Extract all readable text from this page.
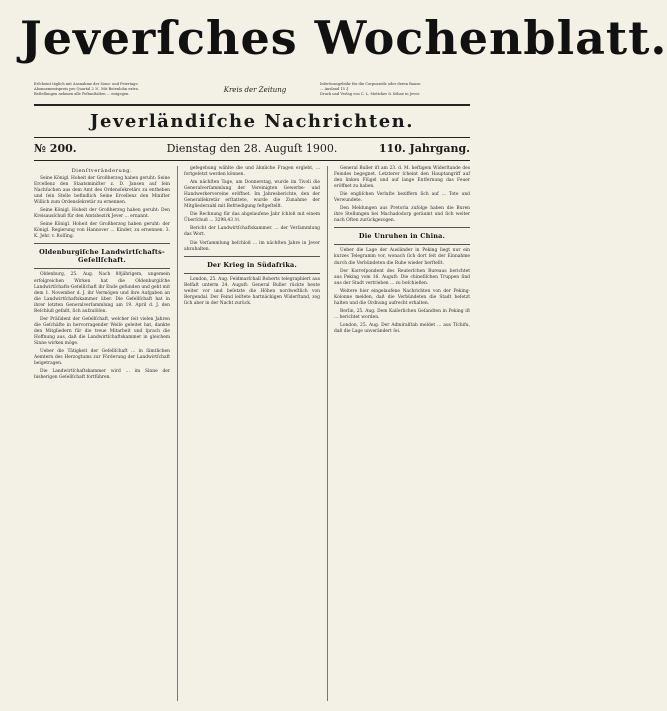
Jeverſches Wochenblatt.
Erſcheint täglich mit Ausnahme der Sonn- und Feiertage.
Abonnementspreis pro Quartal 2 ℳ. Mit Botenlohn extra.
Beſtellungen nehmen alle Poſtanſtalten ... entgegen.	Kreis der Zeitung
Inſertionsgebühr für die Corpuszeile oder deren Raum:
... Ausland 15 ₰
Druck und Verlag von C. L. Mettcker & Söhne in Jever.
Jeverländiſche Nachrichten.
№ 200.	Dienstag den 28. Auguſt 1900.	110. Jahrgang.
Dienſtveränderung.

Seine Königl. Hoheit der Großherzog haben geruht: Seine Ercellenz den Staatsminiſter z. D. Jansen auf ſein Nachſuchen aus dem Amt des Ordensſekretärs zu entheben und ſein Stelle befindlich Seine Ercellenz den Miniſter Willich zum Ordensſekretär zu ernennen.

Seine Königl. Hoheit der Großherzog haben geruht: Den Kreisausſchuß für den Amtsbezirk Jever ... ernannt.

Seine Königl. Hoheit der Großherzog haben geruht: der Königl. Regierung von Hannover ... Kinder, zu ernennen. 3. K. Jehr. v. Roſſing.

Oldenburgiſche Landwirtſchafts-Geſellſchaft.

Oldenburg, 25. Aug. Nach 80jährigem, ungemein erfolgreichen Wirken hat die Oldenburgiſche Landwirtſchafts-Geſellſchaft ihr Ende gefunden und geht mit dem 1. November d. J. ihr Vermögen und ihre Aufgaben an die Landwirtſchaftskammer über. Die Geſellſchaft hat in ihrer letzten Generalverſammlung am 19. April d. J. den Beſchluß gefaßt, ſich aufzulöſen.

Der Präſident der Geſellſchaft, welcher ſeit vielen Jahren die Geſchäfte in hervorragender Weiſe geleitet hat, dankte den Mitgliedern für die treue Mitarbeit und ſprach die Hoffnung aus, daß die Landwirtſchaftskammer in gleichem Sinne wirken möge.

Ueber die Tätigkeit der Geſellſchaft ... in ſämtlichen Aemtern des Herzogtums zur Förderung der Landwirtſchaft beigetragen.

Die Landwirtſchaftskammer wird ... im Sinne der bisherigen Geſellſchaft fortführen.

gefegebung wählte die und ähnliche Fragen erglebt, ... fortgeſetzt werden können.

Am nächſten Tage, am Donnerstag, wurde im Tivoli die Generalverſammlung der Vereinigten Gewerbe- und Handwerkervereine eröffnet. Im Jahresberichte, den der Generalſekretär erſtattete, wurde die Zunahme der Mitgliederzahl mit Befriedigung feſtgeſtellt.

Die Rechnung für das abgelaufene Jahr ſchloß mit einem Überſchuß ... 3298,43 ℳ.

Bericht der Landwirtſchaftskammer. ... der Verſammlung das Wort.

Die Verſammlung beſchloß ... im nächſten Jahre in Jever abzuhalten.

Der Krieg in Südafrika.

London, 25. Aug. Feldmarſchall Roberts telegraphiert aus Belfaſt unterm 24. Auguſt: General Buller rückte heute weiter vor und beſetzte die Höhen nordweſtlich von Bergendal. Der Feind leiſtete hartnäckigen Widerſtand, zog ſich aber in der Nacht zurück.

General Buller iſt am 23. d. M. heftigem Widerſtande des Feindes begegnet. Letzterer ſcheint den Hauptangriff auf den linken Flügel und auf lange Entfernung das Feuer eröffnet zu haben.

Die engliſchen Verluſte beziffern ſich auf ... Tote und Verwundete.

Den Meldungen aus Pretoria zufolge haben die Buren ihre Stellungen bei Machadodorp geräumt und ſich weiter nach Oſten zurückgezogen.

Die Unruhen in China.

Ueber die Lage der Ausländer in Peking liegt nur ein kurzes Telegramm vor, wonach ſich dort ſeit der Einnahme durch die Verbündeten die Ruhe wieder herſtellt.

Der Korreſpondent des Reuterſchen Bureaus berichtet aus Peking vom 16. Auguſt: Die chineſiſchen Truppen ſind aus der Stadt vertrieben ... zu beſchießen.

Weitere hier eingelaufene Nachrichten von der Peking-Kolonne melden, daß die Verbündeten die Stadt beſetzt halten und die Ordnung aufrecht erhalten.

Berlin, 25. Aug. Dem Kaiſerlichen Geſandten in Peking iſt ... berichtet worden.

London, 25. Aug. Der Admiralſtab meldet ... aus Tſchifu, daß die Lage unverändert ſei.
